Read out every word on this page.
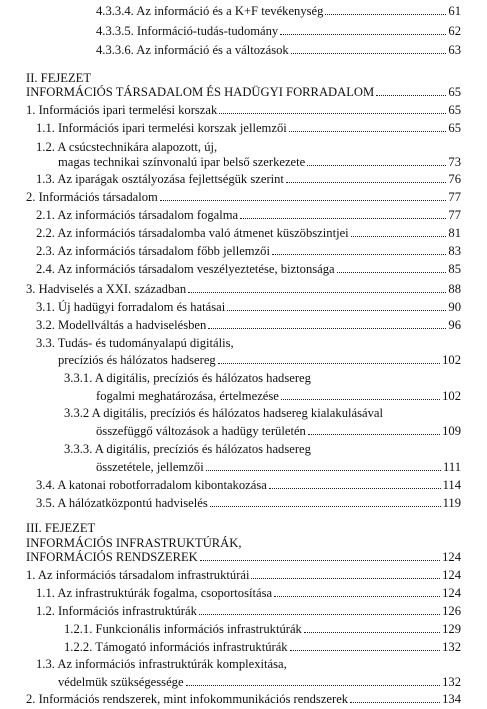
4.3.3.4. Az információ és a K+F tevékenység	61
4.3.3.5. Információ-tudás-tudomány	62
4.3.3.6. Az információ és a változások	63
II. FEJEZET
INFORMÁCIÓS TÁRSADALOM ÉS HADÜGYI FORRADALOM	65
1. Információs ipari termelési korszak	65
1.1. Információs ipari termelési korszak jellemzői	65
1.2. A csúcstechnikára alapozott, új,
magas technikai színvonalú ipar belső szerkezete	73
1.3. Az iparágak osztályozása fejlettségük szerint	76
2. Információs társadalom	77
2.1. Az információs társadalom fogalma	77
2.2. Az információs társadalomba való átmenet küszöbszintjei	81
2.3. Az információs társadalom főbb jellemzői	83
2.4. Az információs társadalom veszélyeztetése, biztonsága	85
3. Hadviselés a XXI. században	88
3.1. Új hadügyi forradalom és hatásai	90
3.2. Modellváltás a hadviselésben	96
3.3. Tudás- és tudományalapú digitális,
precíziós és hálózatos hadsereg	102
3.3.1. A digitális, precíziós és hálózatos hadsereg
fogalmi meghatározása, értelmezése	102
3.3.2 A digitális, precíziós és hálózatos hadsereg kialakulásával
összefüggő változások a hadügy területén	109
3.3.3. A digitális, precíziós és hálózatos hadsereg
összetétele, jellemzői	111
3.4. A katonai robotforradalom kibontakozása	114
3.5. A hálózatközpontú hadviselés	119
III. FEJEZET
INFORMÁCIÓS INFRASTRUKTÚRÁK,
INFORMÁCIÓS RENDSZEREK	124
1. Az információs társadalom infrastruktúrái	124
1.1. Az infrastruktúrák fogalma, csoportosítása	124
1.2. Információs infrastruktúrák	126
1.2.1. Funkcionális információs infrastruktúrák	129
1.2.2. Támogató információs infrastruktúrák	132
1.3. Az információs infrastruktúrák komplexitása,
védelmük szükségessége	132
2. Információs rendszerek, mint infokommunikációs rendszerek	134
